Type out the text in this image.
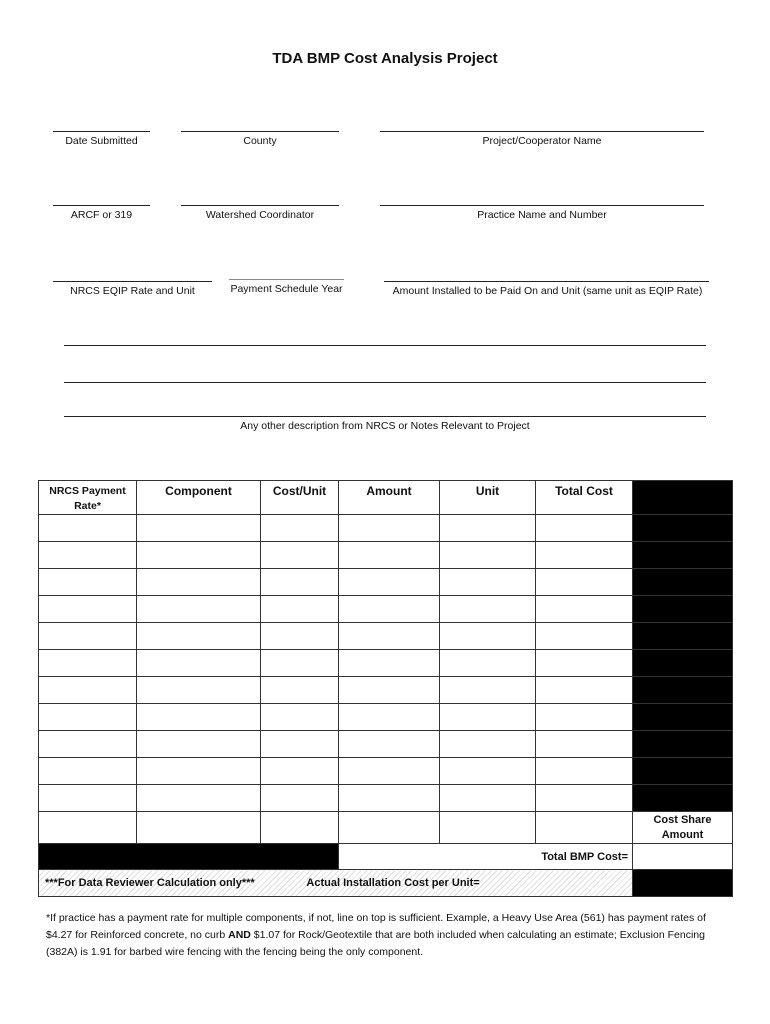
TDA BMP Cost Analysis Project
Date Submitted	County	Project/Cooperator Name
ARCF or 319	Watershed Coordinator	Practice Name and Number
NRCS EQIP Rate and Unit	Payment Schedule Year	Amount Installed to be Paid On and Unit (same unit as EQIP Rate)
Any other description from NRCS or Notes Relevant to Project
NRCS Payment Rate*	Component	Cost/Unit	Amount	Unit	Total Cost	

						Cost Share Amount
			Total BMP Cost=			
***For Data Reviewer Calculation only*** Actual Installation Cost per Unit=						
*If practice has a payment rate for multiple components, if not, line on top is sufficient. Example, a Heavy Use Area (561) has payment rates of $4.27 for Reinforced concrete, no curb AND $1.07 for Rock/Geotextile that are both included when calculating an estimate; Exclusion Fencing (382A) is 1.91 for barbed wire fencing with the fencing being the only component.
